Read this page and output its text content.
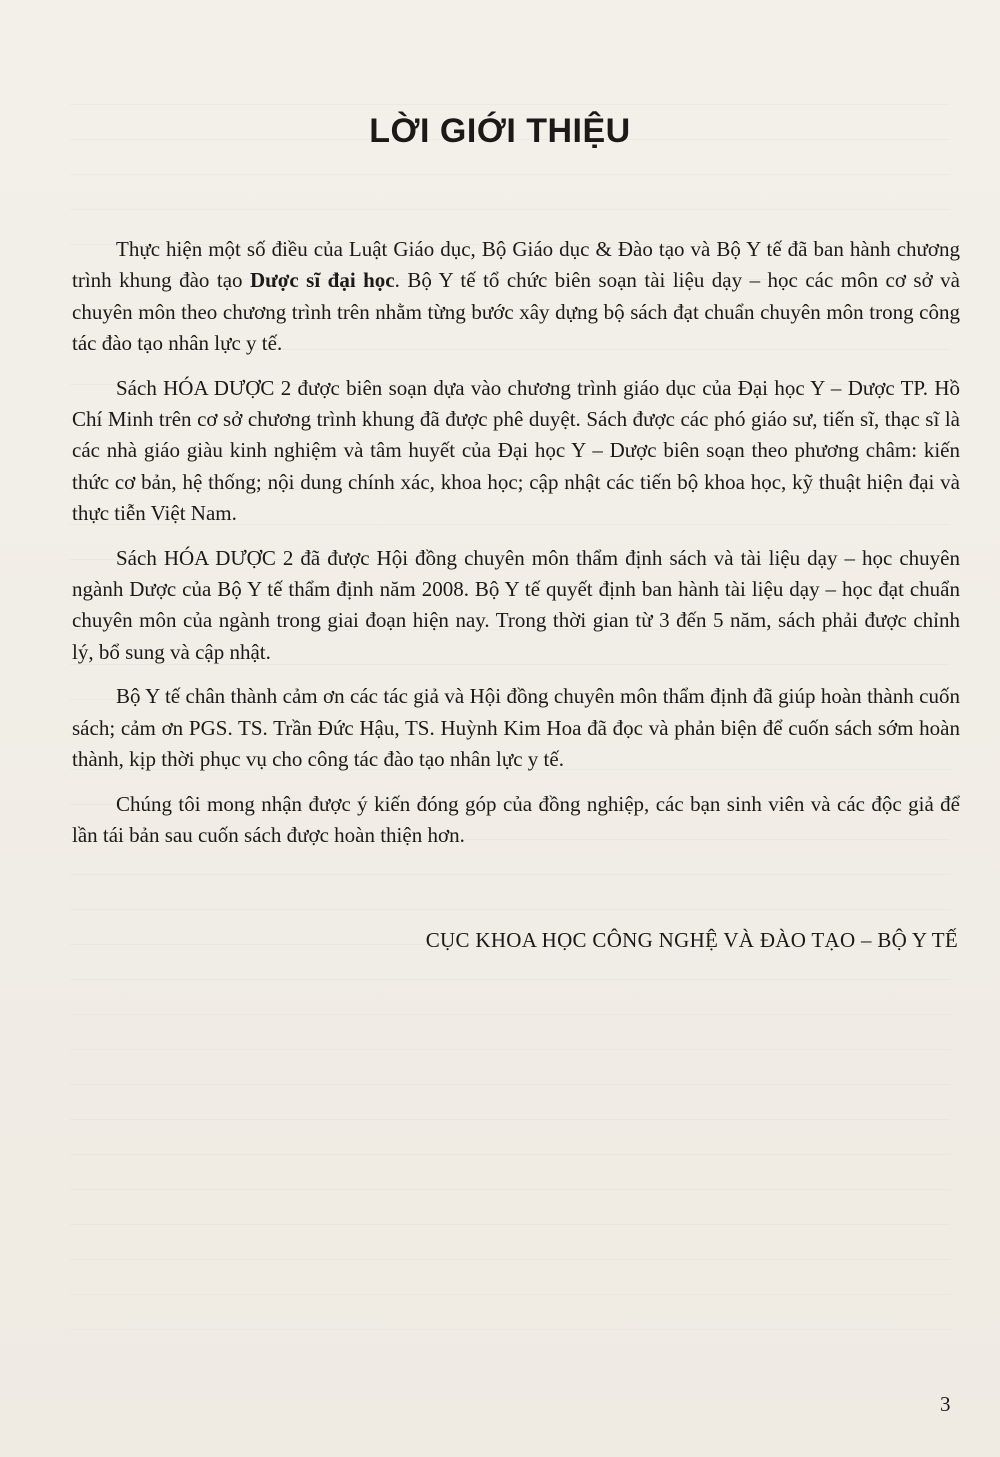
LỜI GIỚI THIỆU

Thực hiện một số điều của Luật Giáo dục, Bộ Giáo dục & Đào tạo và Bộ Y tế đã ban hành chương trình khung đào tạo Dược sĩ đại học. Bộ Y tế tổ chức biên soạn tài liệu dạy – học các môn cơ sở và chuyên môn theo chương trình trên nhằm từng bước xây dựng bộ sách đạt chuẩn chuyên môn trong công tác đào tạo nhân lực y tế.

Sách HÓA DƯỢC 2 được biên soạn dựa vào chương trình giáo dục của Đại học Y – Dược TP. Hồ Chí Minh trên cơ sở chương trình khung đã được phê duyệt. Sách được các phó giáo sư, tiến sĩ, thạc sĩ là các nhà giáo giàu kinh nghiệm và tâm huyết của Đại học Y – Dược biên soạn theo phương châm: kiến thức cơ bản, hệ thống; nội dung chính xác, khoa học; cập nhật các tiến bộ khoa học, kỹ thuật hiện đại và thực tiễn Việt Nam.

Sách HÓA DƯỢC 2 đã được Hội đồng chuyên môn thẩm định sách và tài liệu dạy – học chuyên ngành Dược của Bộ Y tế thẩm định năm 2008. Bộ Y tế quyết định ban hành tài liệu dạy – học đạt chuẩn chuyên môn của ngành trong giai đoạn hiện nay. Trong thời gian từ 3 đến 5 năm, sách phải được chỉnh lý, bổ sung và cập nhật.

Bộ Y tế chân thành cảm ơn các tác giả và Hội đồng chuyên môn thẩm định đã giúp hoàn thành cuốn sách; cảm ơn PGS. TS. Trần Đức Hậu, TS. Huỳnh Kim Hoa đã đọc và phản biện để cuốn sách sớm hoàn thành, kịp thời phục vụ cho công tác đào tạo nhân lực y tế.

Chúng tôi mong nhận được ý kiến đóng góp của đồng nghiệp, các bạn sinh viên và các độc giả để lần tái bản sau cuốn sách được hoàn thiện hơn.

CỤC KHOA HỌC CÔNG NGHỆ VÀ ĐÀO TẠO – BỘ Y TẾ
3
